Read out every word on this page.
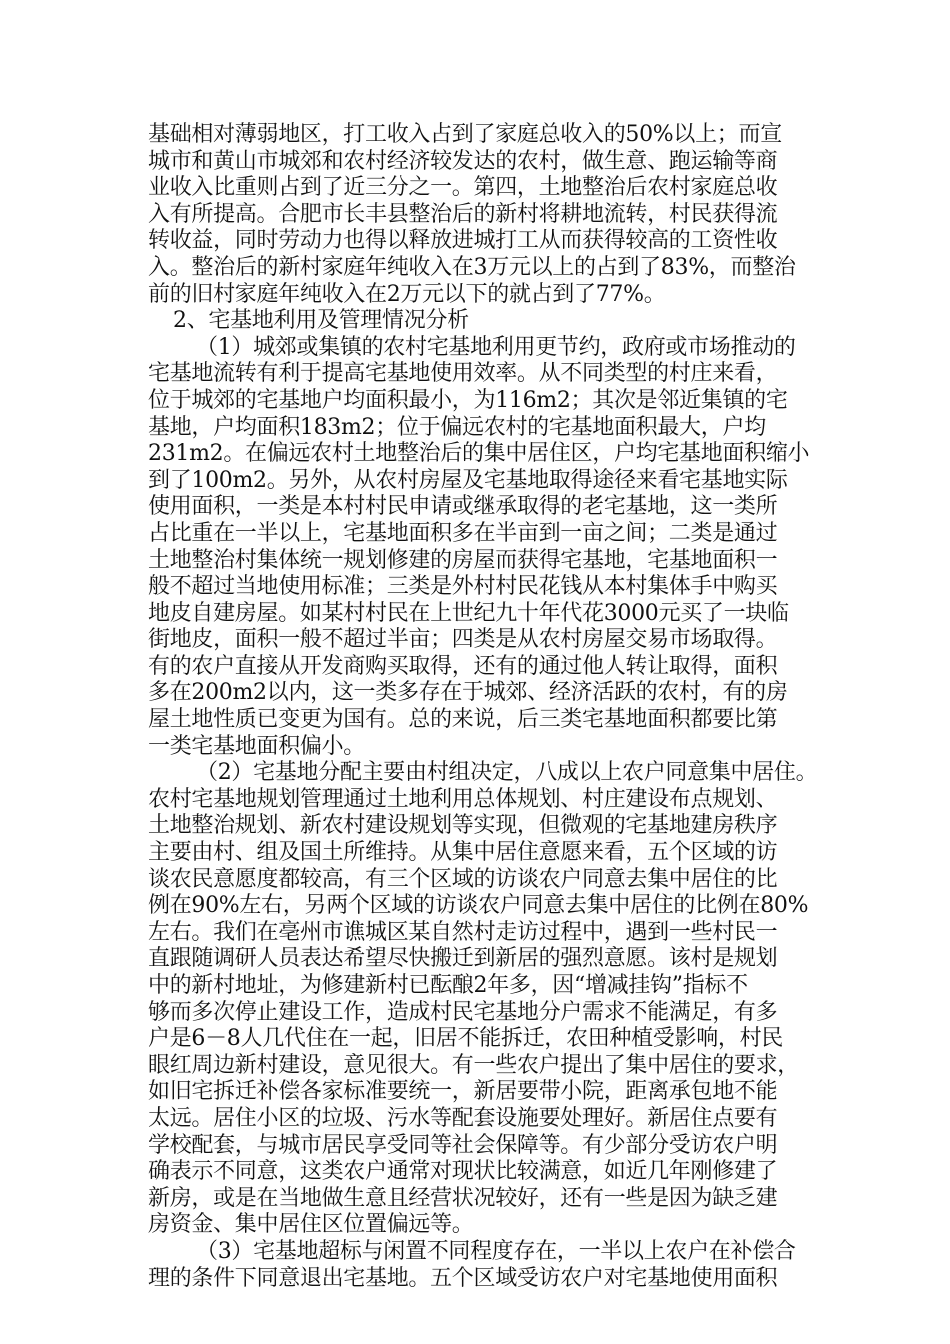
基础相对薄弱地区，打工收入占到了家庭总收入的50%以上；而宣
城市和黄山市城郊和农村经济较发达的农村，做生意、跑运输等商
业收入比重则占到了近三分之一。第四，土地整治后农村家庭总收
入有所提高。合肥市长丰县整治后的新村将耕地流转，村民获得流
转收益，同时劳动力也得以释放进城打工从而获得较高的工资性收
入。整治后的新村家庭年纯收入在3万元以上的占到了83%，而整治
前的旧村家庭年纯收入在2万元以下的就占到了77%。
2、宅基地利用及管理情况分析
（1）城郊或集镇的农村宅基地利用更节约，政府或市场推动的
宅基地流转有利于提高宅基地使用效率。从不同类型的村庄来看，
位于城郊的宅基地户均面积最小，为116m2；其次是邻近集镇的宅
基地，户均面积183m2；位于偏远农村的宅基地面积最大，户均
231m2。在偏远农村土地整治后的集中居住区，户均宅基地面积缩小
到了100m2。另外，从农村房屋及宅基地取得途径来看宅基地实际
使用面积，一类是本村村民申请或继承取得的老宅基地，这一类所
占比重在一半以上，宅基地面积多在半亩到一亩之间；二类是通过
土地整治村集体统一规划修建的房屋而获得宅基地，宅基地面积一
般不超过当地使用标准；三类是外村村民花钱从本村集体手中购买
地皮自建房屋。如某村村民在上世纪九十年代花3000元买了一块临
街地皮，面积一般不超过半亩；四类是从农村房屋交易市场取得。
有的农户直接从开发商购买取得，还有的通过他人转让取得，面积
多在200m2以内，这一类多存在于城郊、经济活跃的农村，有的房
屋土地性质已变更为国有。总的来说，后三类宅基地面积都要比第
一类宅基地面积偏小。
（2）宅基地分配主要由村组决定，八成以上农户同意集中居住。
农村宅基地规划管理通过土地利用总体规划、村庄建设布点规划、
土地整治规划、新农村建设规划等实现，但微观的宅基地建房秩序
主要由村、组及国土所维持。从集中居住意愿来看，五个区域的访
谈农民意愿度都较高，有三个区域的访谈农户同意去集中居住的比
例在90%左右，另两个区域的访谈农户同意去集中居住的比例在80%
左右。我们在亳州市谯城区某自然村走访过程中，遇到一些村民一
直跟随调研人员表达希望尽快搬迁到新居的强烈意愿。该村是规划
中的新村地址，为修建新村已酝酿2年多，因“增减挂钩”指标不
够而多次停止建设工作，造成村民宅基地分户需求不能满足，有多
户是6－8人几代住在一起，旧居不能拆迁，农田种植受影响，村民
眼红周边新村建设，意见很大。有一些农户提出了集中居住的要求，
如旧宅拆迁补偿各家标准要统一，新居要带小院，距离承包地不能
太远。居住小区的垃圾、污水等配套设施要处理好。新居住点要有
学校配套，与城市居民享受同等社会保障等。有少部分受访农户明
确表示不同意，这类农户通常对现状比较满意，如近几年刚修建了
新房，或是在当地做生意且经营状况较好，还有一些是因为缺乏建
房资金、集中居住区位置偏远等。
（3）宅基地超标与闲置不同程度存在，一半以上农户在补偿合
理的条件下同意退出宅基地。五个区域受访农户对宅基地使用面积
